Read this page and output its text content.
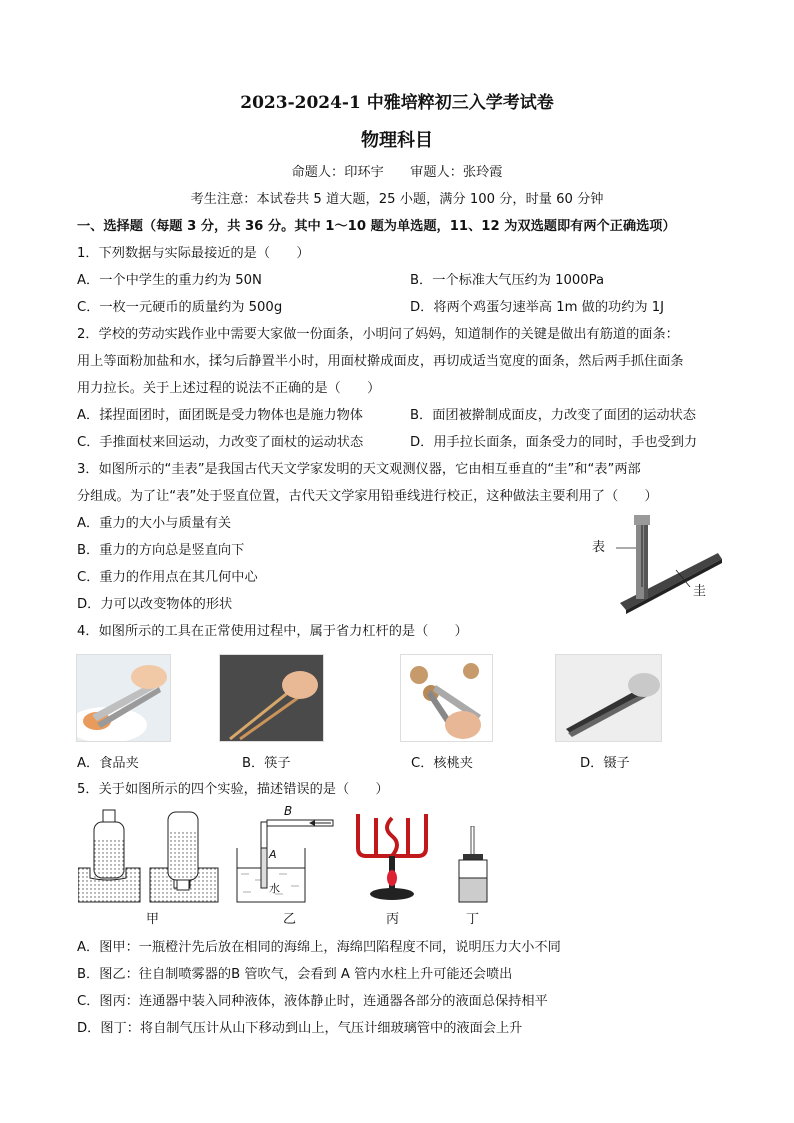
2023-2024-1 中雅培粹初三入学考试卷
物理科目
命题人：印环宇　　审题人：张玲霞
考生注意：本试卷共 5 道大题，25 小题，满分 100 分，时量 60 分钟
一、选择题（每题 3 分，共 36 分。其中 1～10 题为单选题，11、12 为双选题即有两个正确选项）
1．下列数据与实际最接近的是（　　）
A．一个中学生的重力约为 50N	B．一个标准大气压约为 1000Pa
C．一枚一元硬币的质量约为 500g	D．将两个鸡蛋匀速举高 1m 做的功约为 1J
2．学校的劳动实践作业中需要大家做一份面条，小明问了妈妈，知道制作的关键是做出有筋道的面条：
用上等面粉加盐和水，揉匀后静置半小时，用面杖擀成面皮，再切成适当宽度的面条，然后两手抓住面条
用力拉长。关于上述过程的说法不正确的是（　　）
A．揉捏面团时，面团既是受力物体也是施力物体	B．面团被擀制成面皮，力改变了面团的运动状态
C．手推面杖来回运动，力改变了面杖的运动状态	D．用手拉长面条，面条受力的同时，手也受到力
3．如图所示的“圭表”是我国古代天文学家发明的天文观测仪器，它由相互垂直的“圭”和“表”两部
分组成。为了让“表”处于竖直位置，古代天文学家用铅垂线进行校正，这种做法主要利用了（　　）
A．重力的大小与质量有关
B．重力的方向总是竖直向下
C．重力的作用点在其几何中心
D．力可以改变物体的形状
表
圭
4．如图所示的工具在正常使用过程中，属于省力杠杆的是（　　）
A．食品夹	B．筷子	C．核桃夹	D．镊子
5．关于如图所示的四个实验，描述错误的是（　　）
甲
B
A
水
乙	丙	丁
A．图甲：一瓶橙汁先后放在相同的海绵上，海绵凹陷程度不同，说明压力大小不同
B．图乙：往自制喷雾器的B 管吹气，会看到 A 管内水柱上升可能还会喷出
C．图丙：连通器中装入同种液体，液体静止时，连通器各部分的液面总保持相平
D．图丁：将自制气压计从山下移动到山上，气压计细玻璃管中的液面会上升
